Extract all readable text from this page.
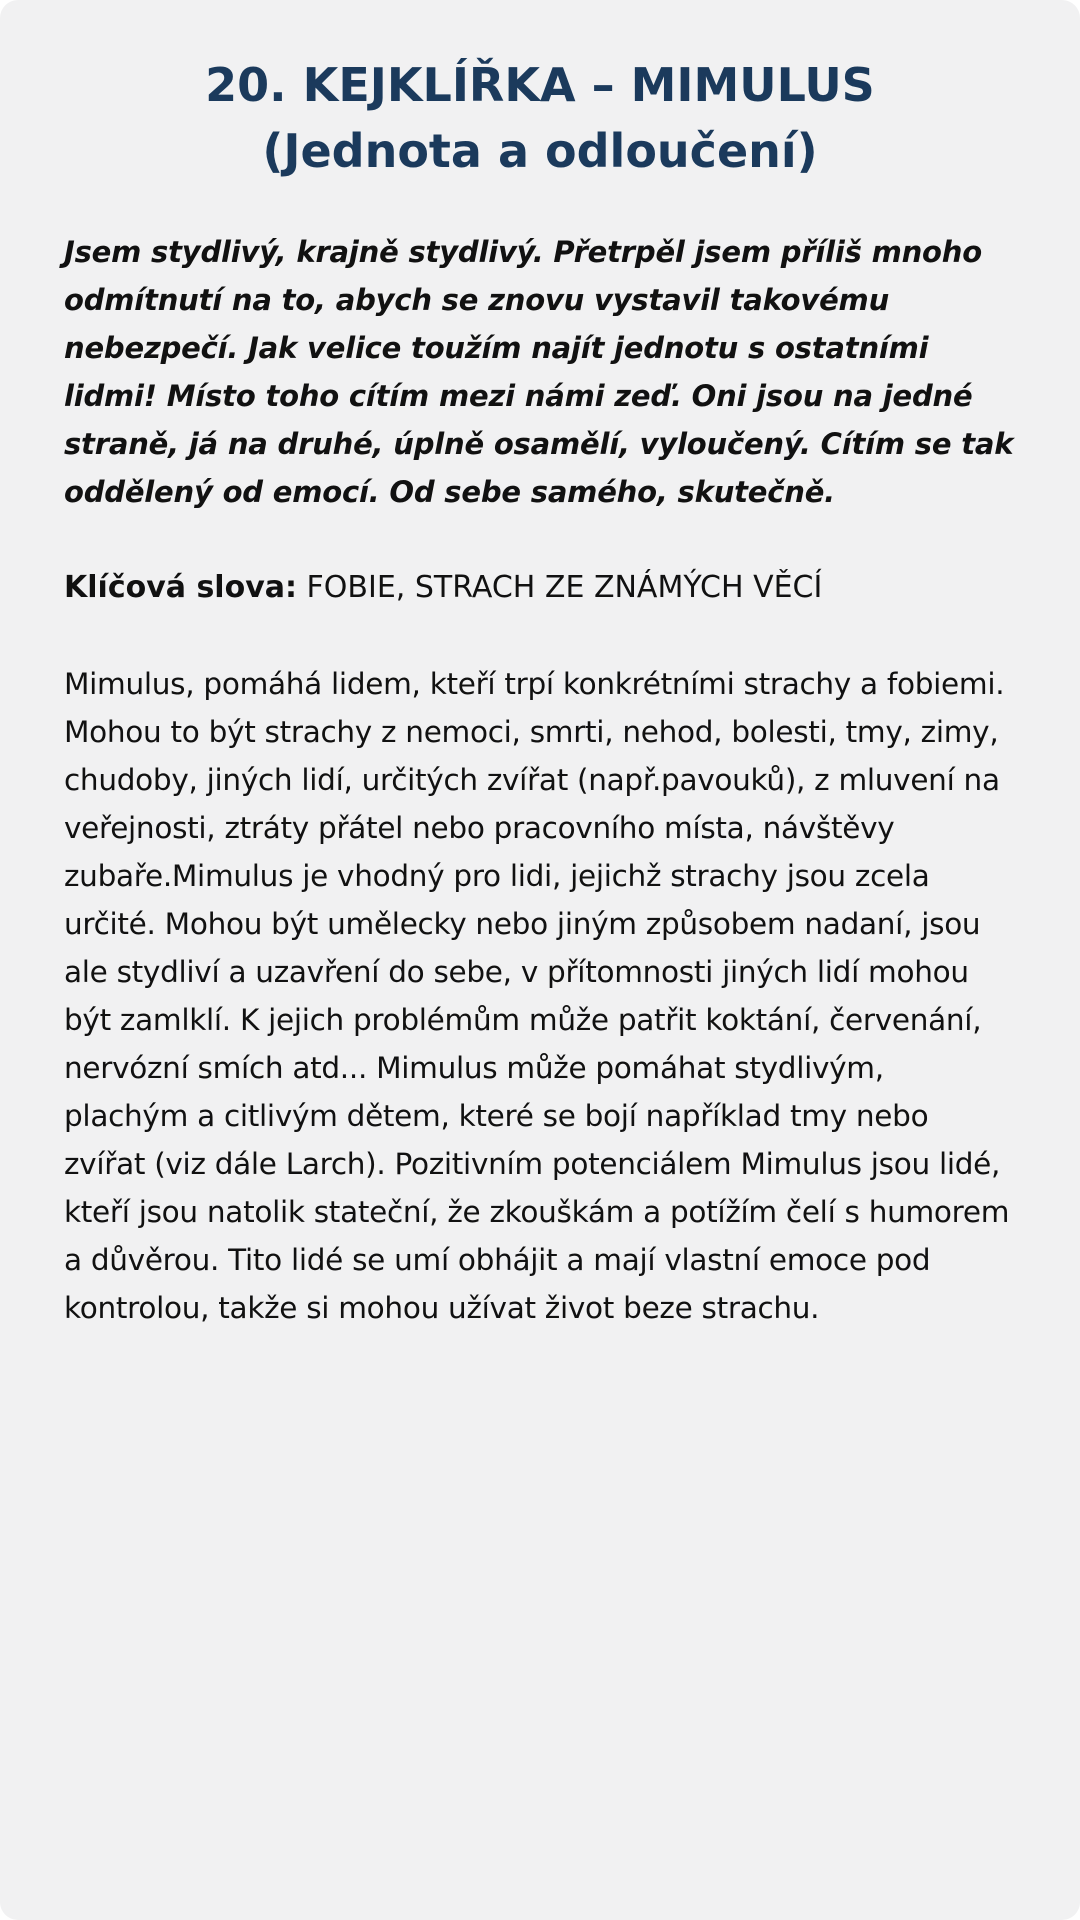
20. KEJKLÍŘKA – MIMULUS
(Jednota a odloučení)

Jsem stydlivý, krajně stydlivý. Přetrpěl jsem příliš mnoho odmítnutí na to, abych se znovu vystavil takovému nebezpečí. Jak velice toužím najít jednotu s ostatními lidmi! Místo toho cítím mezi námi zeď. Oni jsou na jedné straně, já na druhé, úplně osamělí, vyloučený. Cítím se tak oddělený od emocí. Od sebe samého, skutečně.

Klíčová slova: FOBIE, STRACH ZE ZNÁMÝCH VĚCÍ

Mimulus, pomáhá lidem, kteří trpí konkrétními strachy a fobiemi. Mohou to být strachy z nemoci, smrti, nehod, bolesti, tmy, zimy, chudoby, jiných lidí, určitých zvířat (např.pavouků), z mluvení na veřejnosti, ztráty přátel nebo pracovního místa, návštěvy zubaře.Mimulus je vhodný pro lidi, jejichž strachy jsou zcela určité. Mohou být umělecky nebo jiným způsobem nadaní, jsou ale stydliví a uzavření do sebe, v přítomnosti jiných lidí mohou být zamlklí. K jejich problémům může patřit koktání, červenání, nervózní smích atd... Mimulus může pomáhat stydlivým, plachým a citlivým dětem, které se bojí například tmy nebo zvířat (viz dále Larch). Pozitivním potenciálem Mimulus jsou lidé, kteří jsou natolik stateční, že zkouškám a potížím čelí s humorem a důvěrou. Tito lidé se umí obhájit a mají vlastní emoce pod kontrolou, takže si mohou užívat život beze strachu.
